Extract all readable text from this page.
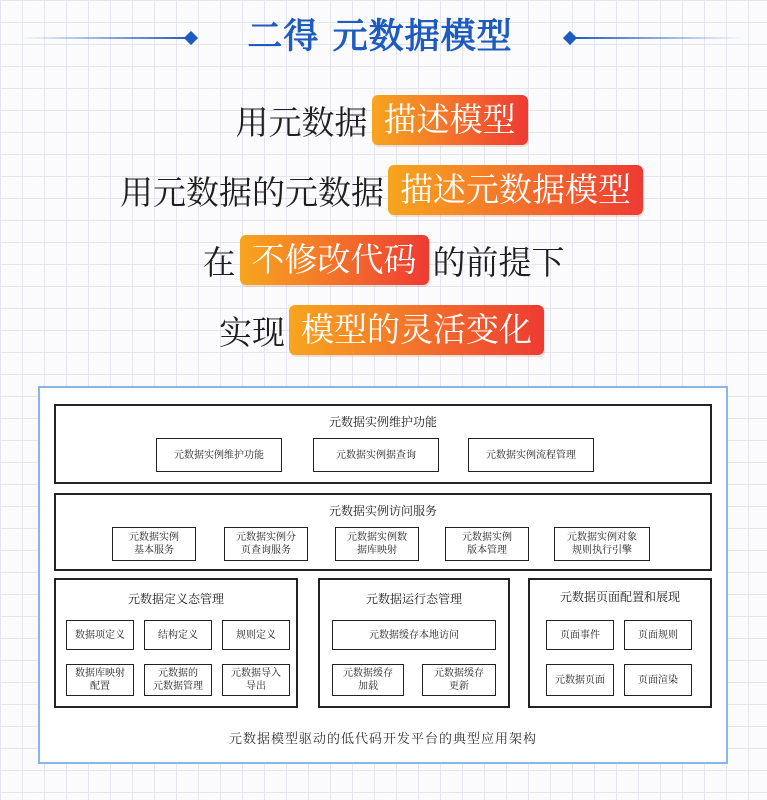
二得 元数据模型
用元数据 描述模型
用元数据的元数据 描述元数据模型
在 不修改代码 的前提下
实现 模型的灵活变化
元数据实例维护功能
元数据实例维护功能	元数据实例据查询	元数据实例流程管理
元数据实例访问服务
元数据实例
基本服务
元数据实例分
页查询服务
元数据实例数
据库映射
元数据实例
版本管理
元数据实例对象
规则执行引擎
元数据定义态管理
数据项定义	结构定义	规则定义
数据库映射
配置
元数据的
元数据管理
元数据导入
导出
元数据运行态管理
元数据缓存本地访问
元数据缓存
加载
元数据缓存
更新
元数据页面配置和展现
页面事件	页面规则
元数据页面	页面渲染
元数据模型驱动的低代码开发平台的典型应用架构
